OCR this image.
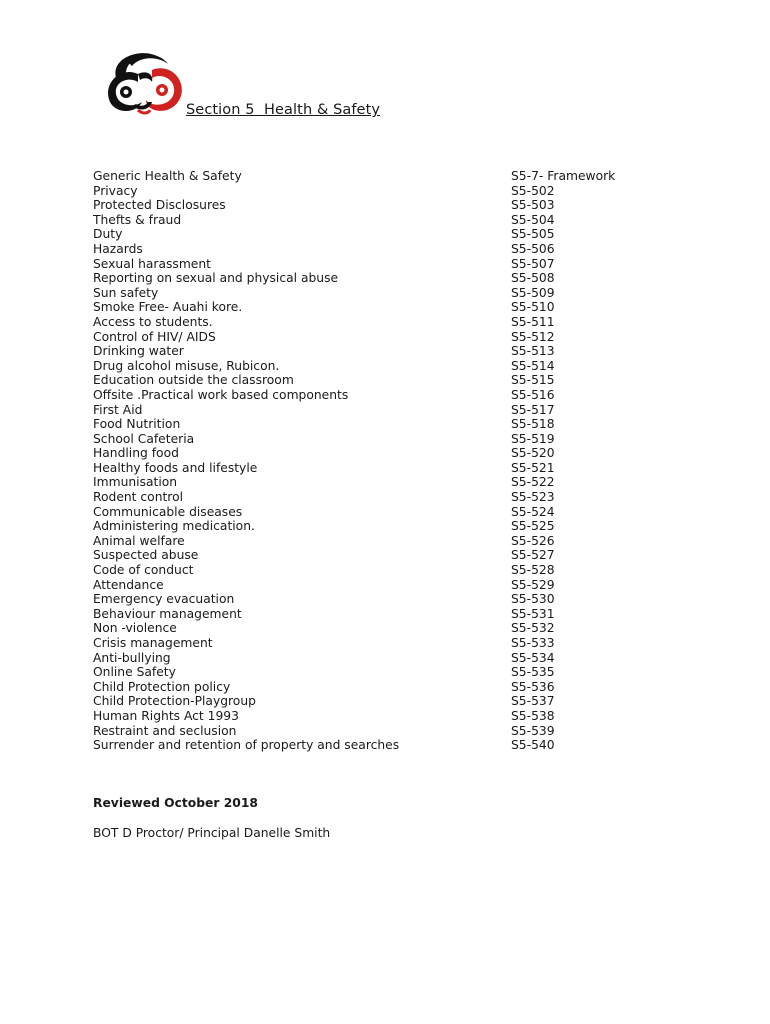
Section 5  Health & Safety
Generic Health & Safety	S5-7- Framework
Privacy	S5-502
Protected Disclosures	S5-503
Thefts & fraud	S5-504
Duty	S5-505
Hazards	S5-506
Sexual harassment	S5-507
Reporting on sexual and physical abuse	S5-508
Sun safety	S5-509
Smoke Free- Auahi kore.	S5-510
Access to students.	S5-511
Control of HIV/ AIDS	S5-512
Drinking water	S5-513
Drug alcohol misuse, Rubicon.	S5-514
Education outside the classroom	S5-515
Offsite .Practical work based components	S5-516
First Aid	S5-517
Food Nutrition	S5-518
School Cafeteria	S5-519
Handling food	S5-520
Healthy foods and lifestyle	S5-521
Immunisation	S5-522
Rodent control	S5-523
Communicable diseases	S5-524
Administering medication.	S5-525
Animal welfare	S5-526
Suspected abuse	S5-527
Code of conduct	S5-528
Attendance	S5-529
Emergency evacuation	S5-530
Behaviour management	S5-531
Non -violence	S5-532
Crisis management	S5-533
Anti-bullying	S5-534
Online Safety	S5-535
Child Protection policy	S5-536
Child Protection-Playgroup	S5-537
Human Rights Act 1993	S5-538
Restraint and seclusion	S5-539
Surrender and retention of property and searches	S5-540
Reviewed October 2018
BOT D Proctor/ Principal Danelle Smith
